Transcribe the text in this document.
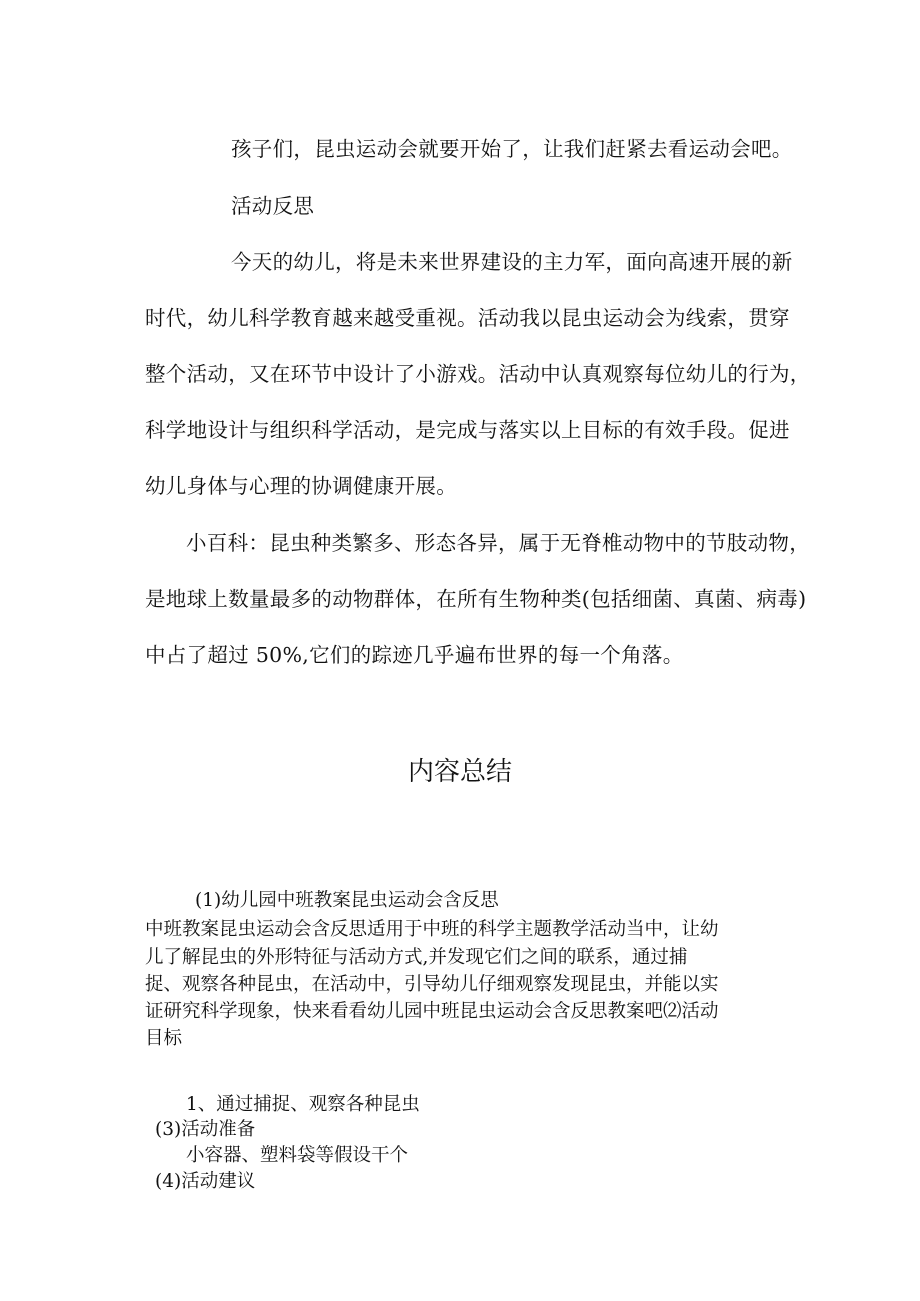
孩子们，昆虫运动会就要开始了，让我们赶紧去看运动会吧。
活动反思
今天的幼儿，将是未来世界建设的主力军，面向高速开展的新
时代，幼儿科学教育越来越受重视。活动我以昆虫运动会为线索，贯穿
整个活动，又在环节中设计了小游戏。活动中认真观察每位幼儿的行为，
科学地设计与组织科学活动，是完成与落实以上目标的有效手段。促进
幼儿身体与心理的协调健康开展。
小百科：昆虫种类繁多、形态各异，属于无脊椎动物中的节肢动物，
是地球上数量最多的动物群体，在所有生物种类(包括细菌、真菌、病毒)
中占了超过 50%,它们的踪迹几乎遍布世界的每一个角落。
内容总结
(1)幼儿园中班教案昆虫运动会含反思
中班教案昆虫运动会含反思适用于中班的科学主题教学活动当中，让幼
儿了解昆虫的外形特征与活动方式,并发现它们之间的联系，通过捕
捉、观察各种昆虫，在活动中，引导幼儿仔细观察发现昆虫，并能以实
证研究科学现象，快来看看幼儿园中班昆虫运动会含反思教案吧⑵活动
目标
1、通过捕捉、观察各种昆虫
(3)活动准备
小容器、塑料袋等假设干个
(4)活动建议
